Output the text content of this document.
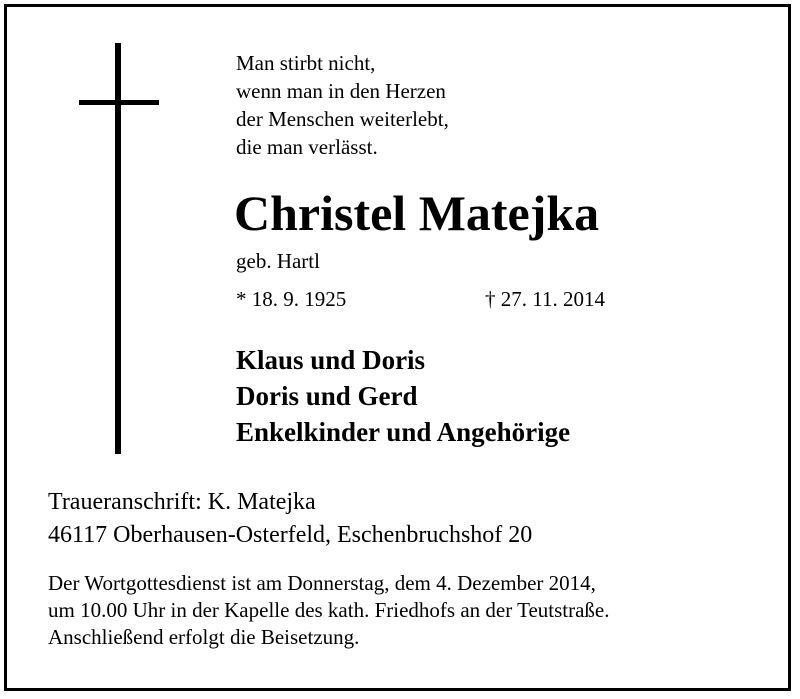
Man stirbt nicht,
wenn man in den Herzen
der Menschen weiterlebt,
die man verlässt.
Christel Matejka
geb. Hartl
* 18. 9. 1925	† 27. 11. 2014
Klaus und Doris
Doris und Gerd
Enkelkinder und Angehörige
Traueranschrift: K. Matejka
46117 Oberhausen-Osterfeld, Eschenbruchshof 20
Der Wortgottesdienst ist am Donnerstag, dem 4. Dezember 2014,
um 10.00 Uhr in der Kapelle des kath. Friedhofs an der Teutstraße.
Anschließend erfolgt die Beisetzung.
